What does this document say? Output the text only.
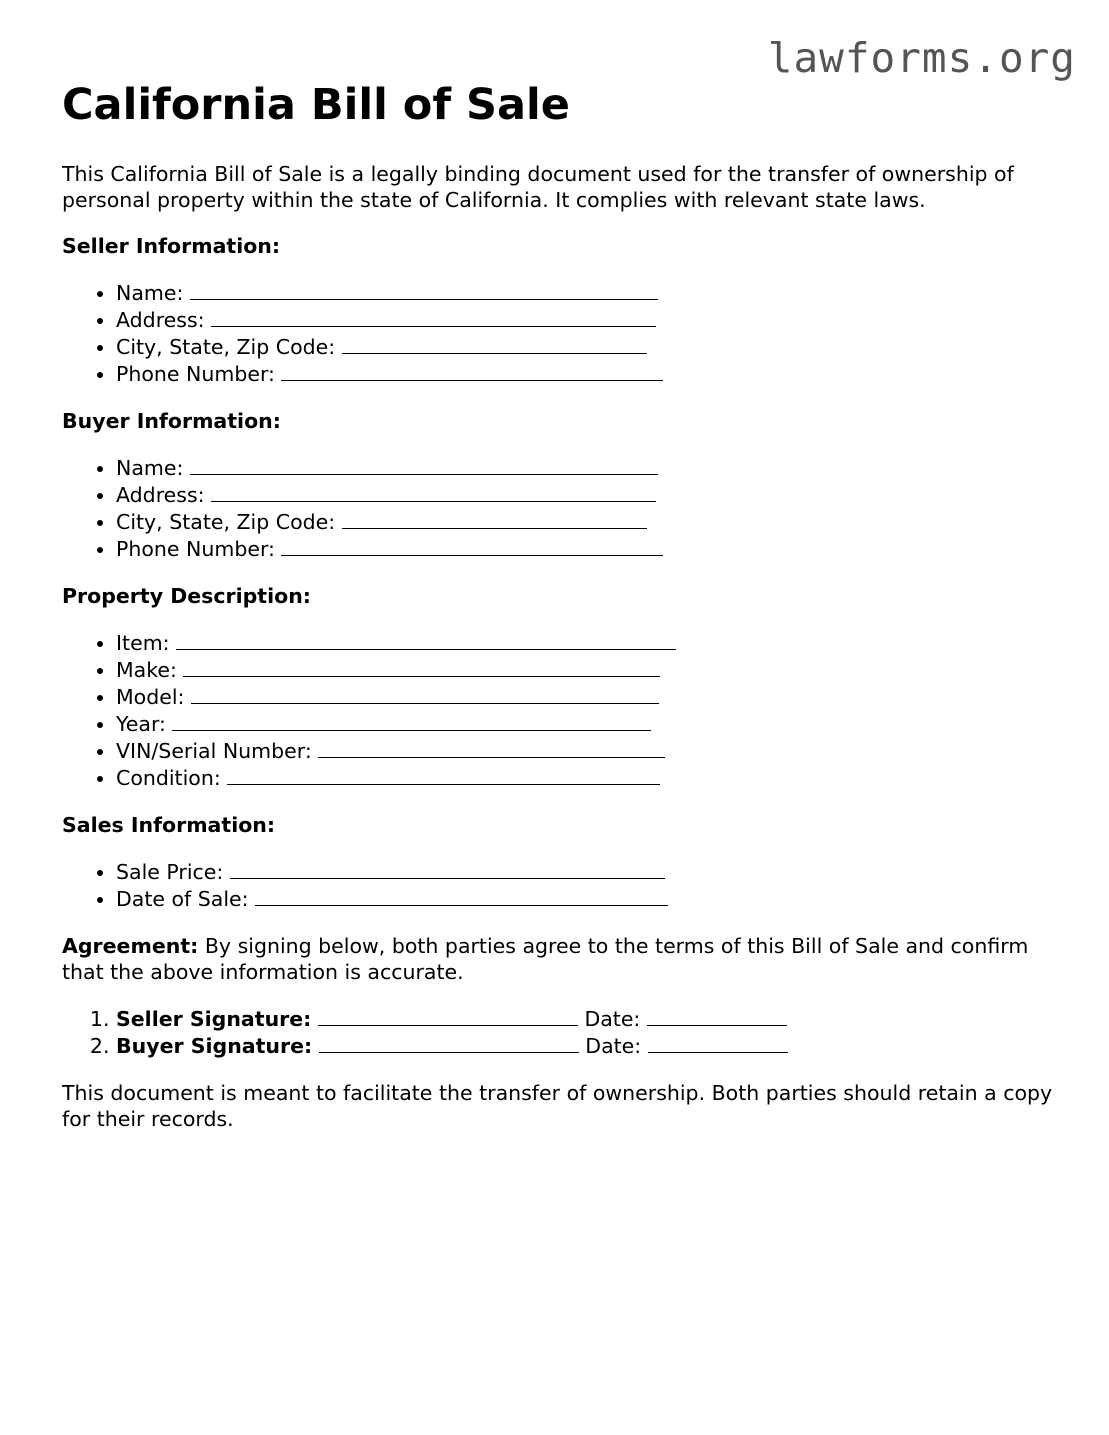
lawforms.org
California Bill of Sale

This California Bill of Sale is a legally binding document used for the transfer of ownership of personal property within the state of California. It complies with relevant state laws.

Seller Information:
• Name:
• Address:
• City, State, Zip Code:
• Phone Number:
Buyer Information:
• Name:
• Address:
• City, State, Zip Code:
• Phone Number:
Property Description:
• Item:
• Make:
• Model:
• Year:
• VIN/Serial Number:
• Condition:
Sales Information:
• Sale Price:
• Date of Sale:

Agreement: By signing below, both parties agree to the terms of this Bill of Sale and confirm that the above information is accurate.

1. Seller Signature:	Date:
2. Buyer Signature:	Date:

This document is meant to facilitate the transfer of ownership. Both parties should retain a copy for their records.
